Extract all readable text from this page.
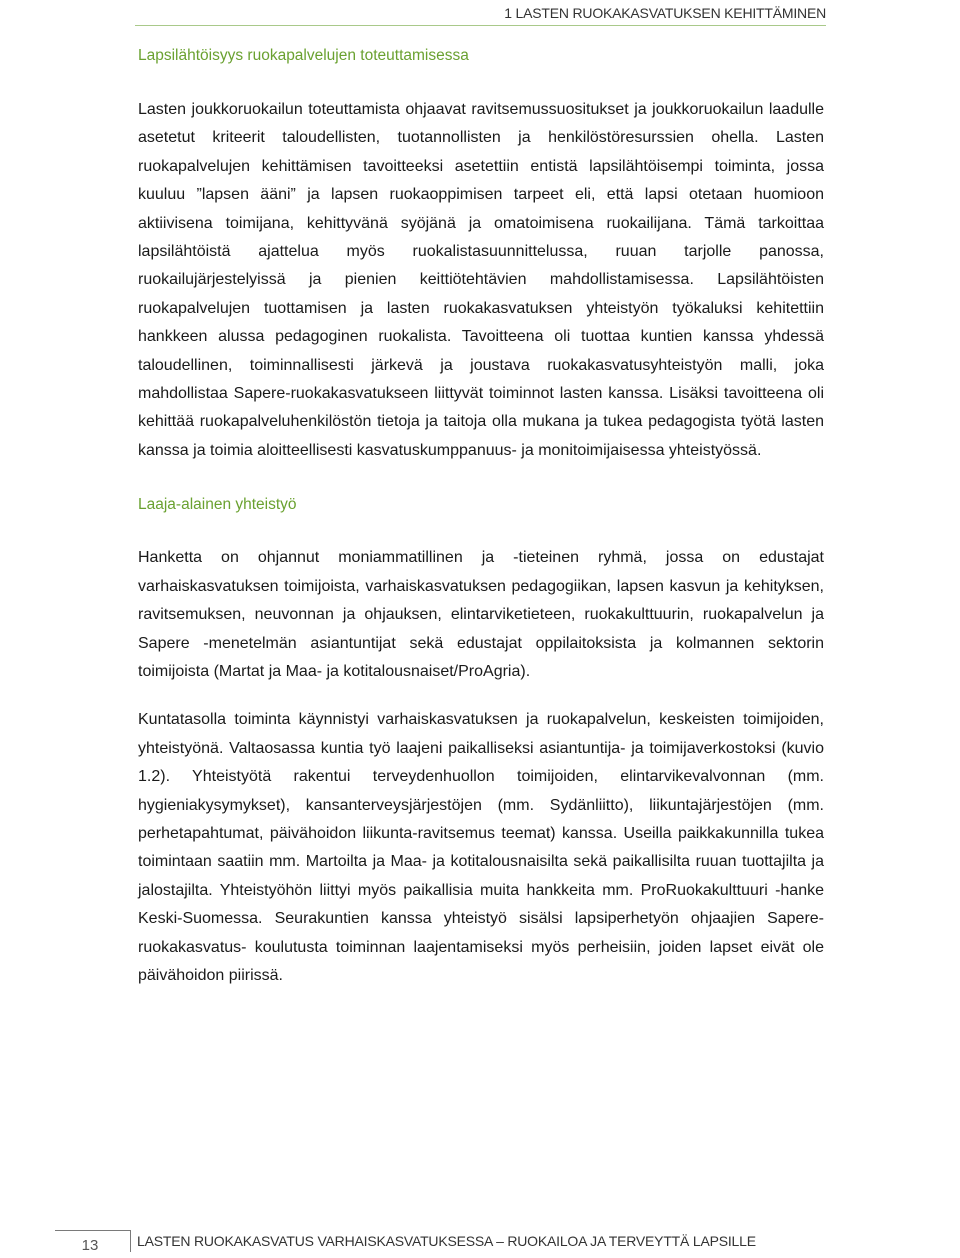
1 LASTEN RUOKAKASVATUKSEN KEHITTÄMINEN
Lapsilähtöisyys ruokapalvelujen toteuttamisessa

Lasten joukkoruokailun toteuttamista ohjaavat ravitsemussuositukset ja joukkoruokailun laadulle asetetut kriteerit taloudellisten, tuotannollisten ja henkilöstöresurssien ohella. Lasten ruokapalvelujen kehittämisen tavoitteeksi asetettiin entistä lapsilähtöisempi toiminta, jossa kuuluu ”lapsen ääni” ja lapsen ruokaoppimisen tarpeet eli, että lapsi otetaan huomioon aktiivisena toimijana, kehittyvänä syöjänä ja omatoimisena ruokailijana. Tämä tarkoittaa lapsilähtöistä ajattelua myös ruokalistasuunnittelussa, ruuan tarjolle panossa, ruokailujärjestelyissä ja pienien keittiötehtävien mahdollistamisessa. Lapsilähtöisten ruokapalvelujen tuottamisen ja lasten ruokakasvatuksen yhteistyön työkaluksi kehitettiin hankkeen alussa pedagoginen ruokalista. Tavoitteena oli tuottaa kuntien kanssa yhdessä taloudellinen, toiminnallisesti järkevä ja joustava ruokakasvatusyhteistyön malli, joka mahdollistaa Sapere-ruokakasvatukseen liittyvät toiminnot lasten kanssa. Lisäksi tavoitteena oli kehittää ruokapalveluhenkilöstön tietoja ja taitoja olla mukana ja tukea pedagogista työtä lasten kanssa ja toimia aloitteellisesti kasvatuskumppanuus- ja monitoimijaisessa yhteistyössä.

Laaja-alainen yhteistyö

Hanketta on ohjannut moniammatillinen ja -tieteinen ryhmä, jossa on edustajat varhaiskasvatuksen toimijoista, varhaiskasvatuksen pedagogiikan, lapsen kasvun ja kehityksen, ravitsemuksen, neuvonnan ja ohjauksen, elintarviketieteen, ruokakulttuurin, ruokapalvelun ja Sapere -menetelmän asiantuntijat sekä edustajat oppilaitoksista ja kolmannen sektorin toimijoista (Martat ja Maa- ja kotitalousnaiset/ProAgria).

Kuntatasolla toiminta käynnistyi varhaiskasvatuksen ja ruokapalvelun, keskeisten toimijoiden, yhteistyönä. Valtaosassa kuntia työ laajeni paikalliseksi asiantuntija- ja toimijaverkostoksi (kuvio 1.2). Yhteistyötä rakentui terveydenhuollon toimijoiden, elintarvikevalvonnan (mm. hygieniakysymykset), kansanterveysjärjestöjen (mm. Sydänliitto), liikuntajärjestöjen (mm. perhetapahtumat, päivähoidon liikunta-ravitsemus teemat) kanssa. Useilla paikkakunnilla tukea toimintaan saatiin mm. Martoilta ja Maa- ja kotitalousnaisilta sekä paikallisilta ruuan tuottajilta ja jalostajilta. Yhteistyöhön liittyi myös paikallisia muita hankkeita mm. ProRuokakulttuuri -hanke Keski-Suomessa. Seurakuntien kanssa yhteistyö sisälsi lapsiperhetyön ohjaajien Sapere-ruokakasvatus- koulutusta toiminnan laajentamiseksi myös perheisiin, joiden lapset eivät ole päivähoidon piirissä.

13	LASTEN RUOKAKASVATUS VARHAISKASVATUKSESSA – RUOKAILOA JA TERVEYTTÄ LAPSILLE
